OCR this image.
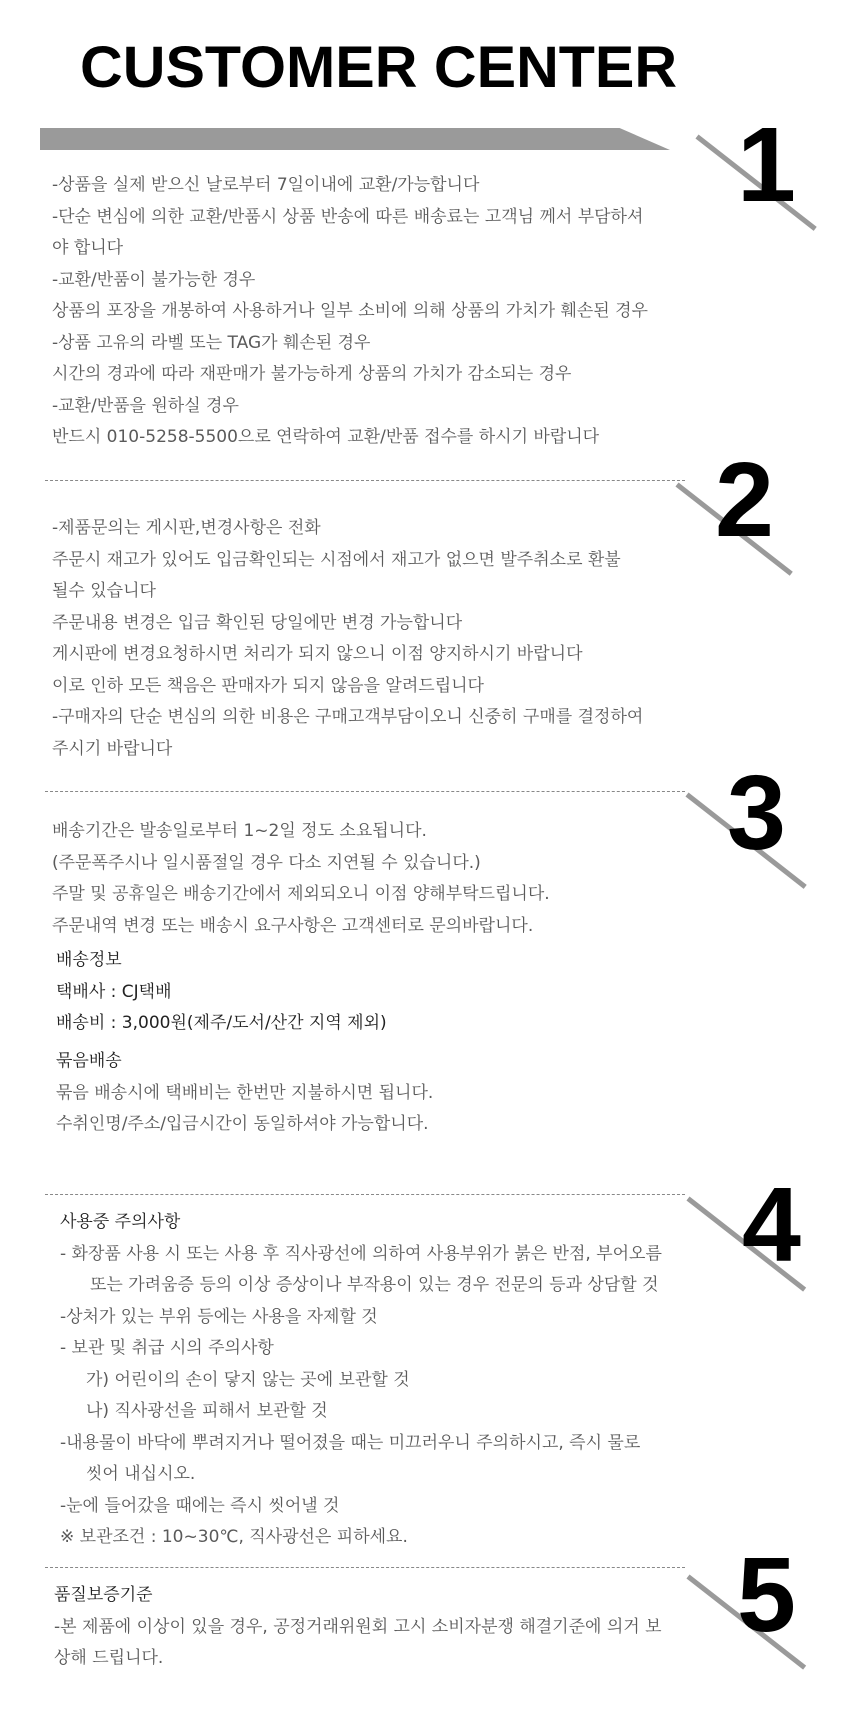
CUSTOMER CENTER
1
-상품을 실제 받으신 날로부터 7일이내에 교환/가능합니다
-단순 변심에 의한 교환/반품시 상품 반송에 따른 배송료는 고객님 께서 부담하셔
야 합니다
-교환/반품이 불가능한 경우
상품의 포장을 개봉하여 사용하거나 일부 소비에 의해 상품의 가치가 훼손된 경우
-상품 고유의 라벨 또는 TAG가 훼손된 경우
시간의 경과에 따라 재판매가 불가능하게 상품의 가치가 감소되는 경우
-교환/반품을 원하실 경우
반드시 010-5258-5500으로 연락하여 교환/반품 접수를 하시기 바랍니다
2
-제품문의는 게시판,변경사항은 전화
주문시 재고가 있어도 입금확인되는 시점에서 재고가 없으면 발주취소로 환불
될수 있습니다
주문내용 변경은 입금 확인된 당일에만 변경 가능합니다
게시판에 변경요청하시면 처리가 되지 않으니 이점 양지하시기 바랍니다
이로 인하 모든 책음은 판매자가 되지 않음을 알려드립니다
-구매자의 단순 변심의 의한 비용은 구매고객부담이오니 신중히 구매를 결정하여
주시기 바랍니다
3
배송기간은 발송일로부터 1~2일 정도 소요됩니다.
(주문폭주시나 일시품절일 경우 다소 지연될 수 있습니다.)
주말 및 공휴일은 배송기간에서 제외되오니 이점 양해부탁드립니다.
주문내역 변경 또는 배송시 요구사항은 고객센터로 문의바랍니다.
배송정보
택배사 : CJ택배
배송비 : 3,000원(제주/도서/산간 지역 제외)
묶음배송
묶음 배송시에 택배비는 한번만 지불하시면 됩니다.
수취인명/주소/입금시간이 동일하셔야 가능합니다.
4
사용중 주의사항
- 화장품 사용 시 또는 사용 후 직사광선에 의하여 사용부위가 붉은 반점, 부어오름
또는 가려움증 등의 이상 증상이나 부작용이 있는 경우 전문의 등과 상담할 것
-상처가 있는 부위 등에는 사용을 자제할 것
- 보관 및 취급 시의 주의사항
가) 어린이의 손이 닿지 않는 곳에 보관할 것
나) 직사광선을 피해서 보관할 것
-내용물이 바닥에 뿌려지거나 떨어졌을 때는 미끄러우니 주의하시고, 즉시 물로
씻어 내십시오.
-눈에 들어갔을 때에는 즉시 씻어낼 것
※ 보관조건 : 10~30℃, 직사광선은 피하세요.	5
품질보증기준
-본 제품에 이상이 있을 경우, 공정거래위원회 고시 소비자분쟁 해결기준에 의거 보
상해 드립니다.
